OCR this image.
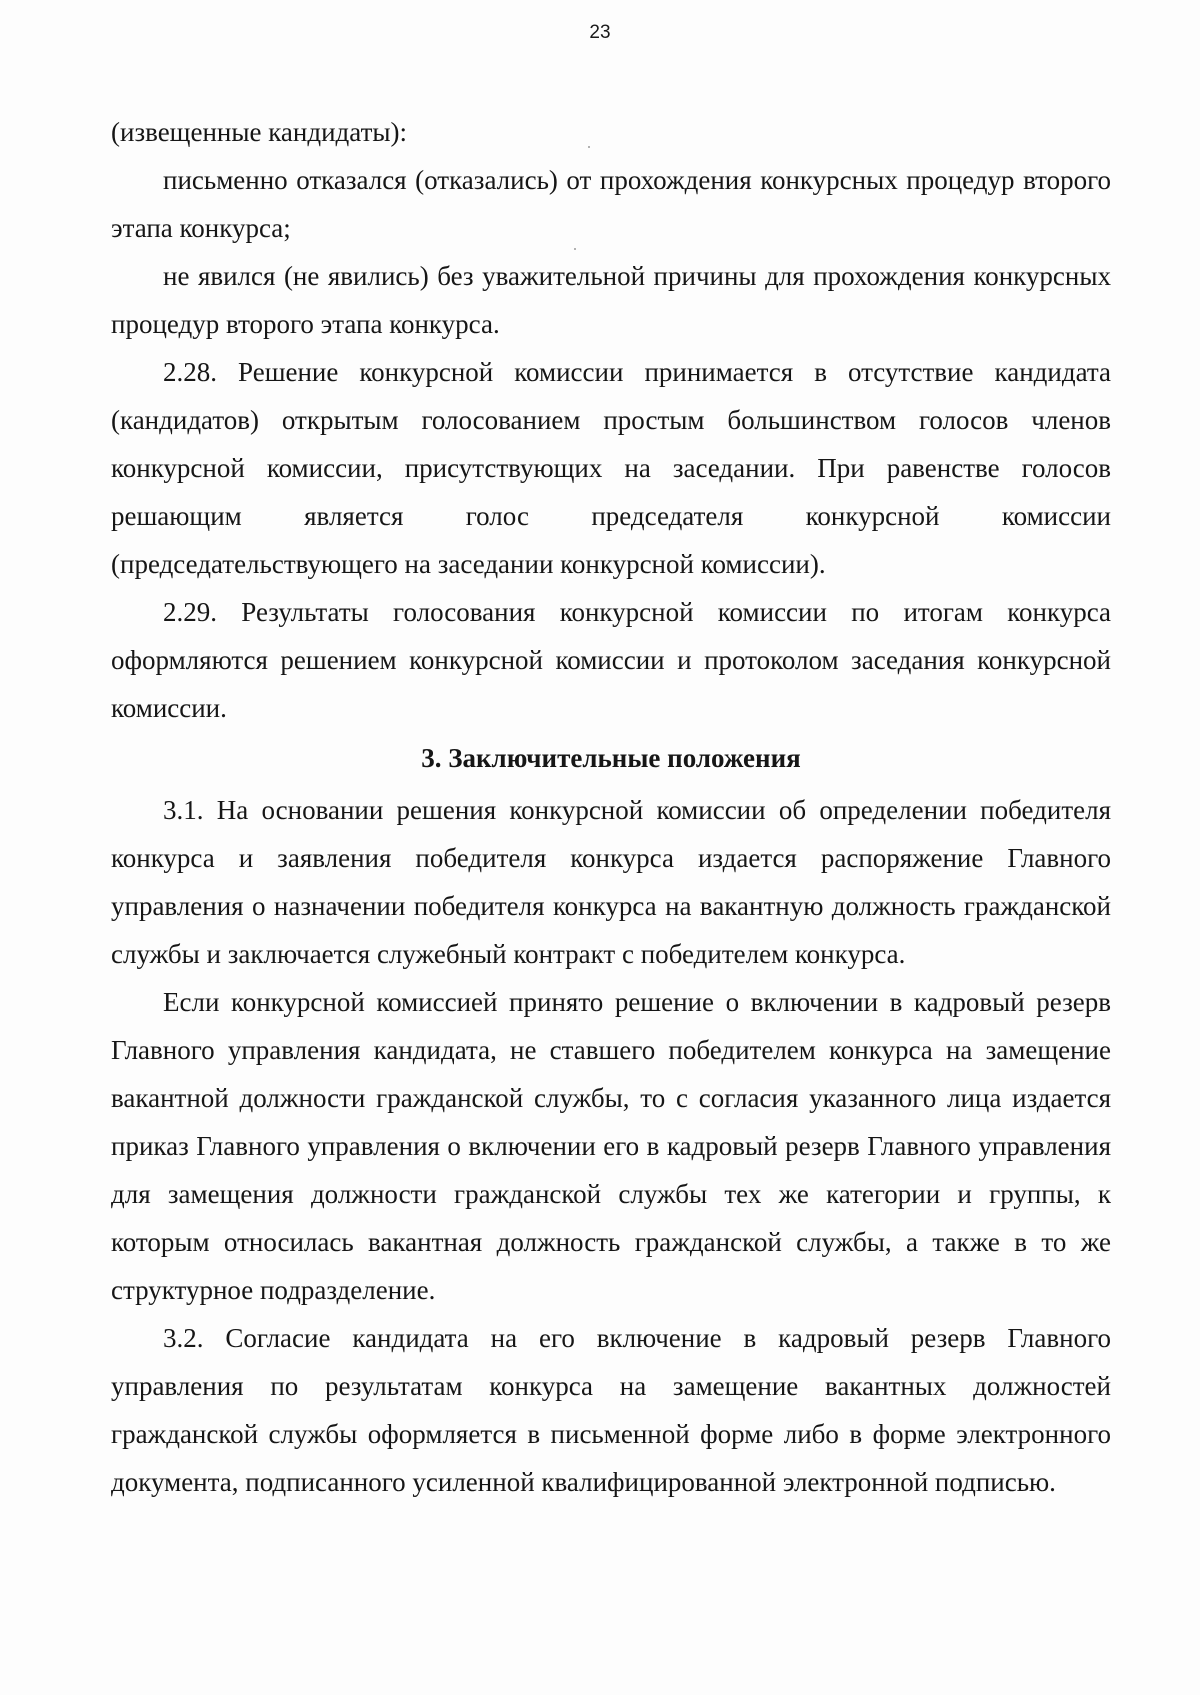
23

(извещенные кандидаты):

письменно отказался (отказались) от прохождения конкурсных процедур второго этапа конкурса;

не явился (не явились) без уважительной причины для прохождения конкурсных процедур второго этапа конкурса.

2.28. Решение конкурсной комиссии принимается в отсутствие кандидата (кандидатов) открытым голосованием простым большинством голосов членов конкурсной комиссии, присутствующих на заседании. При равенстве голосов решающим является голос председателя конкурсной комиссии (председательствующего на заседании конкурсной комиссии).

2.29. Результаты голосования конкурсной комиссии по итогам конкурса оформляются решением конкурсной комиссии и протоколом заседания конкурсной комиссии.

3. Заключительные положения

3.1. На основании решения конкурсной комиссии об определении победителя конкурса и заявления победителя конкурса издается распоряжение Главного управления о назначении победителя конкурса на вакантную должность гражданской службы и заключается служебный контракт с победителем конкурса.

Если конкурсной комиссией принято решение о включении в кадровый резерв Главного управления кандидата, не ставшего победителем конкурса на замещение вакантной должности гражданской службы, то с согласия указанного лица издается приказ Главного управления о включении его в кадровый резерв Главного управления для замещения должности гражданской службы тех же категории и группы, к которым относилась вакантная должность гражданской службы, а также в то же структурное подразделение.

3.2. Согласие кандидата на его включение в кадровый резерв Главного управления по результатам конкурса на замещение вакантных должностей гражданской службы оформляется в письменной форме либо в форме электронного документа, подписанного усиленной квалифицированной электронной подписью.
